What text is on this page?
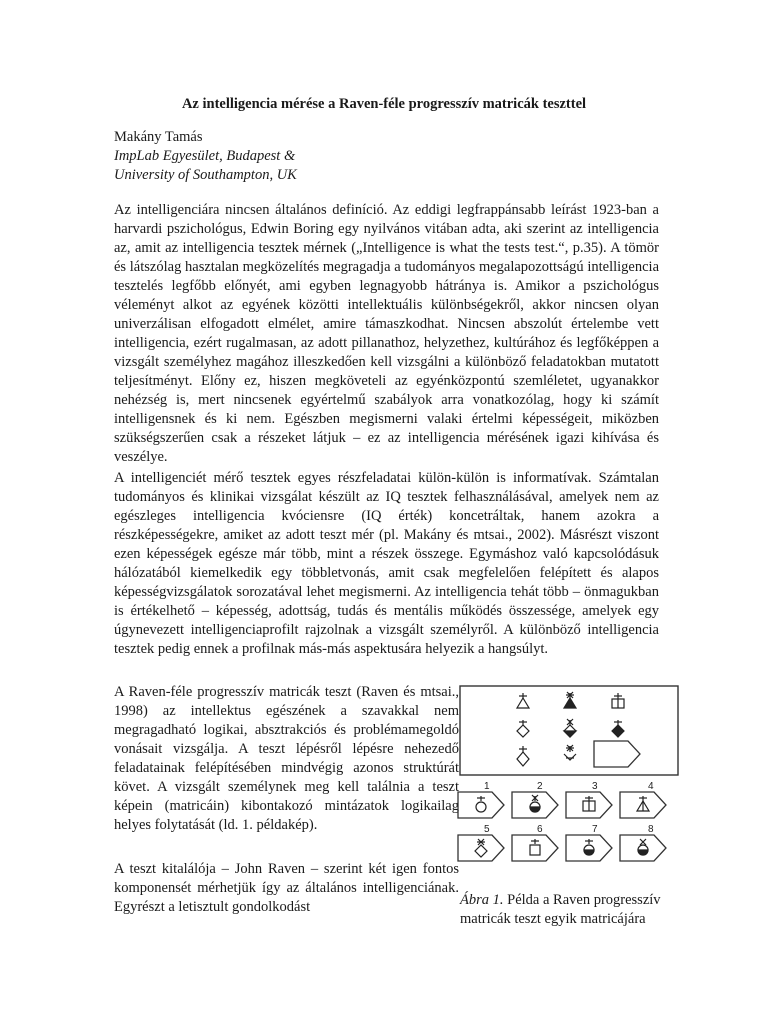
Az intelligencia mérése a Raven-féle progresszív matricák teszttel
Makány Tamás
ImpLab Egyesület, Budapest &
University of Southampton, UK

Az intelligenciára nincsen általános definíció. Az eddigi legfrappánsabb leírást 1923-ban a harvardi pszichológus, Edwin Boring egy nyilvános vitában adta, aki szerint az intelligencia az, amit az intelligencia tesztek mérnek („Intelligence is what the tests test.“, p.35). A tömör és látszólag hasztalan megközelítés megragadja a tudományos megalapozottságú intelligencia tesztelés legfőbb előnyét, ami egyben legnagyobb hátránya is. Amikor a pszichológus véleményt alkot az egyének közötti intellektuális különbségekről, akkor nincsen olyan univerzálisan elfogadott elmélet, amire támaszkodhat. Nincsen abszolút értelembe vett intelligencia, ezért rugalmasan, az adott pillanathoz, helyzethez, kultúrához és legfőképpen a vizsgált személyhez magához illeszkedően kell vizsgálni a különböző feladatokban mutatott teljesítményt. Előny ez, hiszen megköveteli az egyénközpontú szemléletet, ugyanakkor nehézség is, mert nincsenek egyértelmű szabályok arra vonatkozólag, hogy ki számít intelligensnek és ki nem. Egészben megismerni valaki értelmi képességeit, miközben szükségszerűen csak a részeket látjuk – ez az intelligencia mérésének igazi kihívása és veszélye.

A intelligenciét mérő tesztek egyes részfeladatai külön-külön is informatívak. Számtalan tudományos és klinikai vizsgálat készült az IQ tesztek felhasználásával, amelyek nem az egészleges intelligencia kvóciensre (IQ érték) koncetráltak, hanem azokra a részképességekre, amiket az adott teszt mér (pl. Makány és mtsai., 2002). Másrészt viszont ezen képességek egésze már több, mint a részek összege. Egymáshoz való kapcsolódásuk hálózatából kiemelkedik egy többletvonás, amit csak megfelelően felépített és alapos képességvizsgálatok sorozatával lehet megismerni. Az intelligencia tehát több – önmagukban is értékelhető – képesség, adottság, tudás és mentális működés összessége, amelyek egy úgynevezett intelligenciaprofilt rajzolnak a vizsgált személyről. A különböző intelligencia tesztek pedig ennek a profilnak más-más aspektusára helyezik a hangsúlyt.

A Raven-féle progresszív matricák teszt (Raven és mtsai., 1998) az intellektus egészének a szavakkal nem megragadható logikai, absztrakciós és problémamegoldó vonásait vizsgálja. A teszt lépésről lépésre nehezedő feladatainak felépítésében mindvégig azonos struktúrát követ. A vizsgált személynek meg kell találnia a teszt képein (matricáin) kibontakozó mintázatok logikailag helyes folytatását (ld. 1. példakép).

A teszt kitalálója – John Raven – szerint két igen fontos komponensét mérhetjük így az általános intelligenciának. Egyrészt a letisztult gondolkodást

1	2	3	4
5	6	7	8
Ábra 1. Példa a Raven progresszív matricák teszt egyik matricájára
